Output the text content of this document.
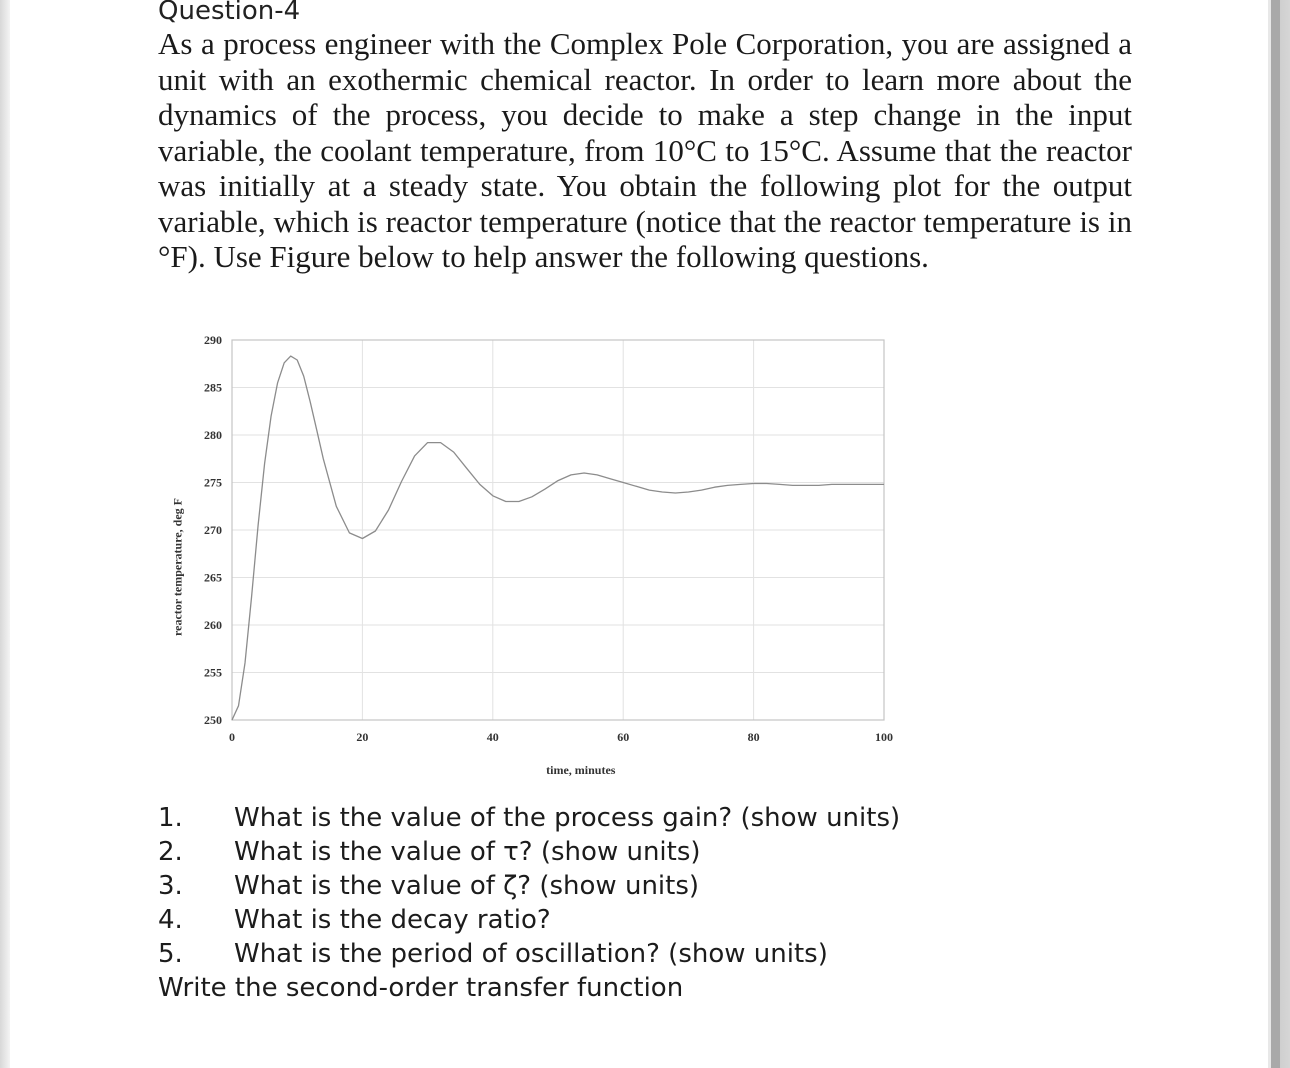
Question-4
As a process engineer with the Complex Pole Corporation, you are assigned a unit with an exothermic chemical reactor. In order to learn more about the dynamics of the process, you decide to make a step change in the input variable, the coolant temperature, from 10°C to 15°C. Assume that the reactor was initially at a steady state. You obtain the following plot for the output variable, which is reactor temperature (notice that the reactor temperature is in °F). Use Figure below to help answer the following questions.
0	20	40	60	80	100
290
285
280
275
270
265
260
255
250
time, minutes
reactor temperature, deg F
1. What is the value of the process gain? (show units)
2. What is the value of τ? (show units)
3. What is the value of ζ? (show units)
4. What is the decay ratio?
5. What is the period of oscillation? (show units)
Write the second-order transfer function
